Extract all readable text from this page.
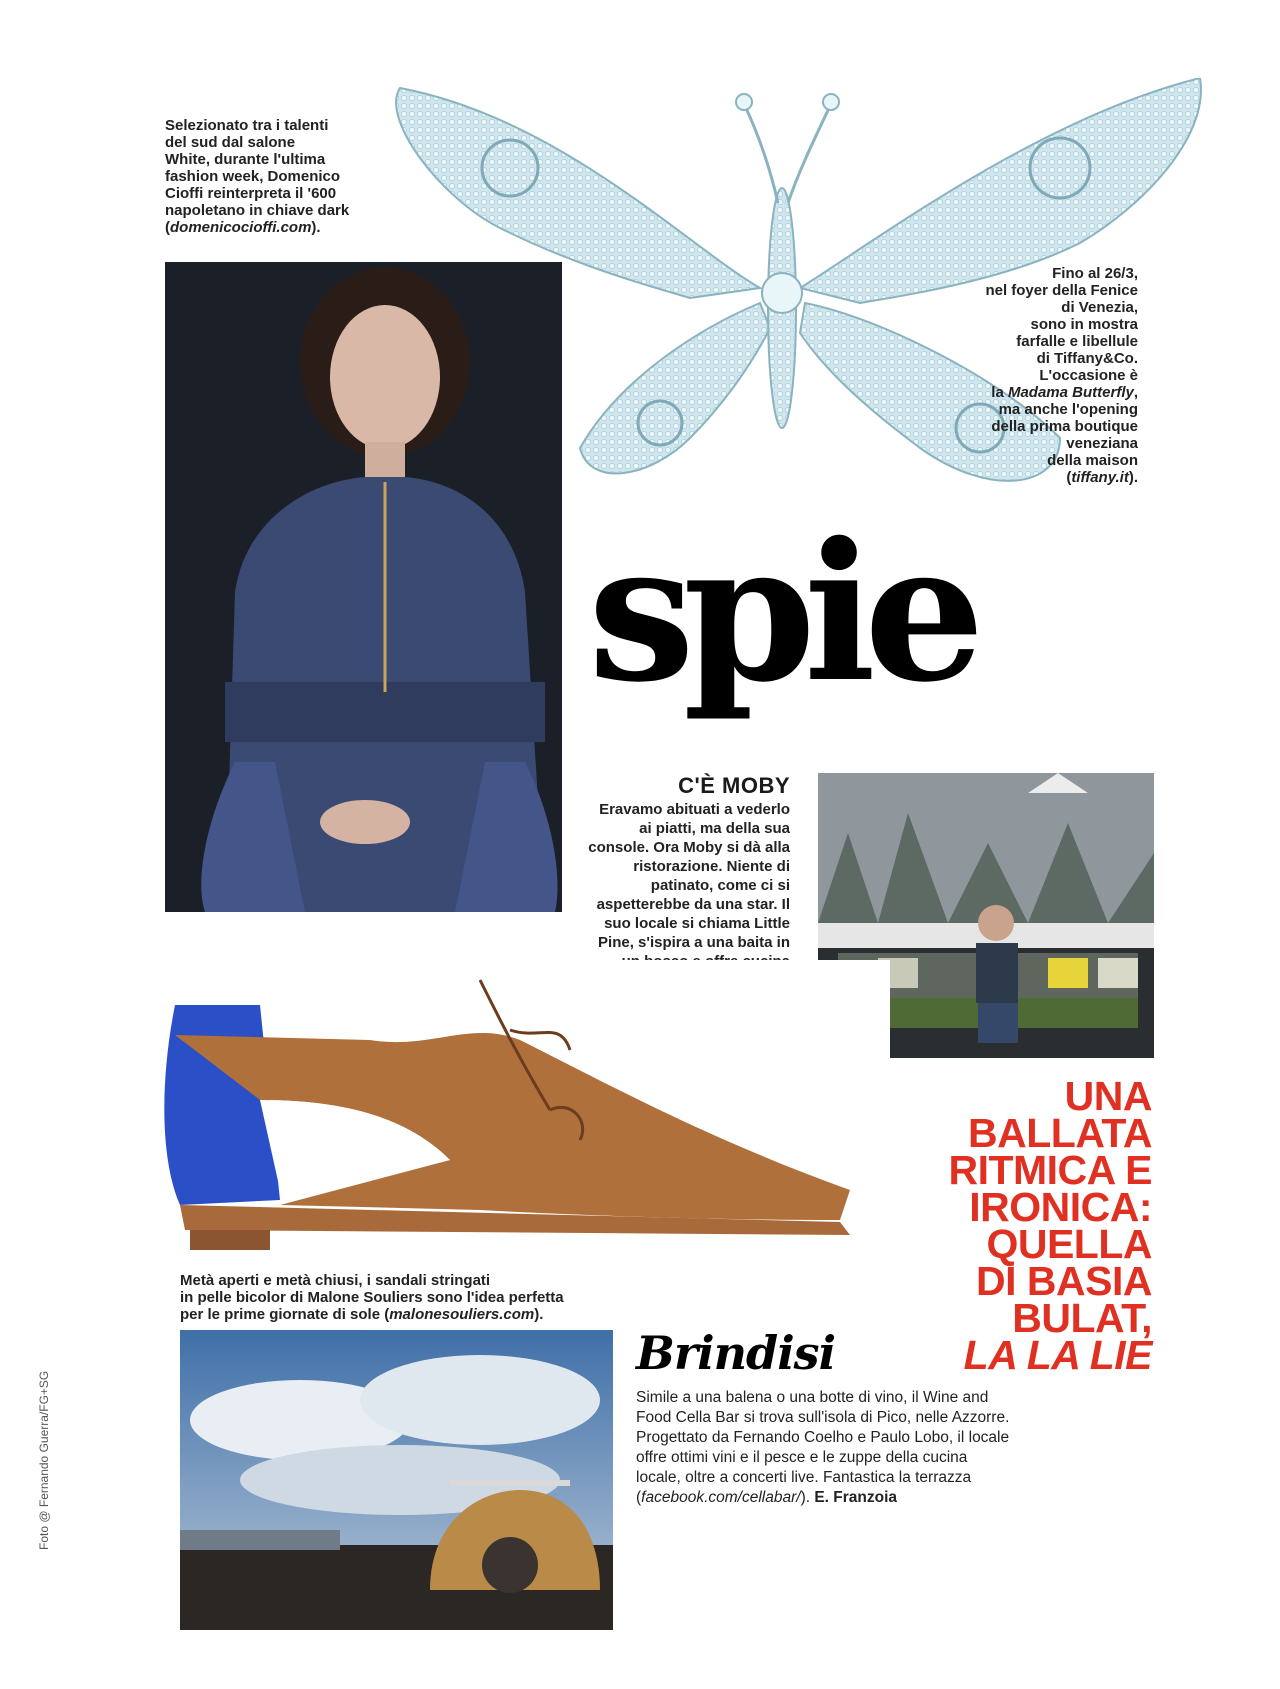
Foto @ Fernando Guerra/FG+SG
Selezionato tra i talenti
del sud dal salone
White, durante l'ultima
fashion week, Domenico
Cioffi reinterpreta il '600
napoletano in chiave dark
(domenicocioffi.com).
Fino al 26/3,
nel foyer della Fenice
di Venezia,
sono in mostra
farfalle e libellule
di Tiffany&Co.
L'occasione è
la Madama Butterfly,
ma anche l'opening
della prima boutique
veneziana
della maison
(tiffany.it).
spie
C'È MOBY
Eravamo abituati a vederlo ai piatti, ma della sua console. Ora Moby si dà alla ristorazione. Niente di patinato, come ci si aspetterebbe da una star. Il suo locale si chiama Little Pine, s'ispira a una baita in
Metà aperti e metà chiusi, i sandali stringati
in pelle bicolor di Malone Souliers sono l'idea perfetta
per le prime giornate di sole (malonesouliers.com).
UNA
BALLATA
RITMICA E
IRONICA:
QUELLA
DI BASIA
BULAT,
LA LA LIE
Brindisi
Simile a una balena o una botte di vino, il Wine and Food Cella Bar si trova sull'isola di Pico, nelle Azzorre. Progettato da Fernando Coelho e Paulo Lobo, il locale offre ottimi vini e il pesce e le zuppe della cucina locale, oltre a concerti live. Fantastica la terrazza (facebook.com/cellabar/). E. Franzoia
